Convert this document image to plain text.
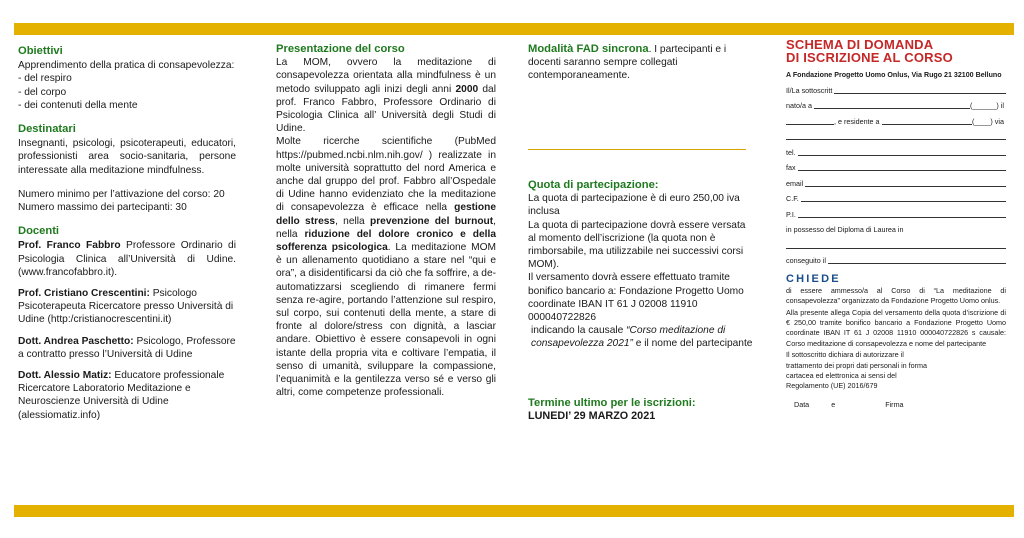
Obiettivi
Apprendimento della pratica di consapevolezza:
- del respiro
- del corpo
- dei contenuti della mente
Destinatari
Insegnanti, psicologi, psicoterapeuti, educatori, professionisti area socio-sanitaria, persone interessate alla meditazione mindfulness.
Numero minimo per l’attivazione del corso: 20
Numero massimo dei partecipanti: 30
Docenti
Prof. Franco Fabbro Professore Ordinario di Psicologia Clinica all’Università di Udine. (www.francofabbro.it).
Prof. Cristiano Crescentini: Psicologo Psicoterapeuta Ricercatore presso Università di Udine (http:/cristianocrescentini.it)
Dott. Andrea Paschetto: Psicologo, Professore a contratto presso l’Università di Udine
Dott. Alessio Matiz: Educatore professionale Ricercatore Laboratorio Meditazione e Neuroscienze Università di Udine (alessiomatiz.info)
Presentazione del corso
La MOM, ovvero la meditazione di consapevolezza orientata alla mindfulness è un metodo sviluppato agli inizi degli anni 2000 dal prof. Franco Fabbro, Professore Ordinario di Psicologia Clinica all’ Università degli Studi di Udine.
Molte ricerche scientifiche (PubMed https://pubmed.ncbi.nlm.nih.gov/ ) realizzate in molte università soprattutto del nord America e anche dal gruppo del prof. Fabbro all’Ospedale di Udine hanno evidenziato che la meditazione di consapevolezza è efficace nella gestione dello stress, nella prevenzione del burnout, nella riduzione del dolore cronico e della sofferenza psicologica. La meditazione MOM è un allenamento quotidiano a stare nel “qui e ora”, a disidentificarsi da ciò che fa soffrire, a de-automatizzarsi scegliendo di rimanere fermi senza re-agire, portando l’attenzione sul respiro, sul corpo, sui contenuti della mente, a stare di fronte al dolore/stress con dignità, a lasciar andare. Obiettivo è essere consapevoli in ogni istante della propria vita e coltivare l’empatia, il senso di umanità, sviluppare la compassione, l’equanimità e la gentilezza verso sé e verso gli altri, come competenze professionali.
Modalità FAD sincrona. I partecipanti e i docenti saranno sempre collegati contemporaneamente.
Quota di partecipazione:
La quota di partecipazione è di euro 250,00 iva inclusa
La quota di partecipazione dovrà essere versata al momento dell’iscrizione (la quota non è rimborsabile, ma utilizzabile nei successivi corsi MOM).
Il versamento dovrà essere effettuato tramite bonifico bancario a: Fondazione Progetto Uomo coordinate IBAN IT 61 J 02008 11910 000040722826
indicando la causale “Corso meditazione di consapevolezza 2021” e il nome del partecipante
Termine ultimo per le iscrizioni:
LUNEDI’ 29 MARZO 2021
SCHEMA DI DOMANDA
DI ISCRIZIONE AL CORSO
A Fondazione Progetto Uomo Onlus, Via Rugo 21 32100 Belluno
Il/La sottoscritt
nato/a a	(______) il
, e residente a	(____) via
tel.
fax
email
C.F.
P.I.
in possesso del Diploma di Laurea in
conseguito il
CHIEDE
di essere ammesso/a al Corso di “La meditazione di consapevolezza” organizzato da Fondazione Progetto Uomo onlus.
Alla presente allega Copia del versamento della quota d’iscrizione di € 250,00 tramite bonifico bancario a Fondazione Progetto Uomo coordinate IBAN IT 61 J 02008 11910 000040722826 s causale: Corso meditazione di consapevolezza e nome del partecipante
Il sottoscritto dichiara di autorizzare il trattamento dei propri dati personali in forma cartacea ed elettronica ai sensi del Regolamento (UE) 2016/679
Data	e	Firma
